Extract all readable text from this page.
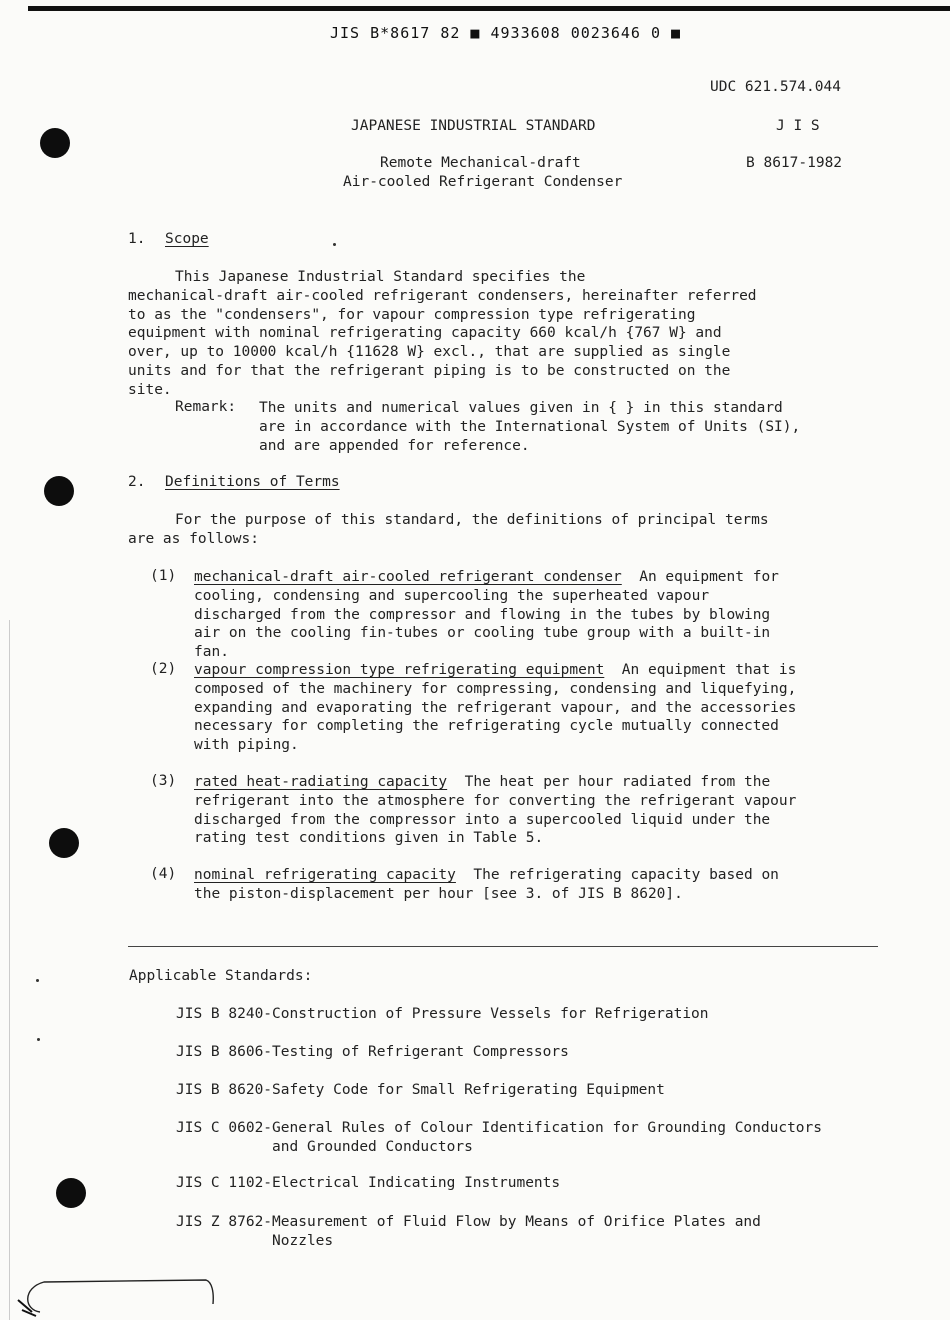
JIS B*8617 82 ■ 4933608 0023646 0 ■
UDC 621.574.044
JAPANESE INDUSTRIAL STANDARD	J I S
Remote Mechanical-draft	B 8617-1982
Air-cooled Refrigerant Condenser
1. Scope
This Japanese Industrial Standard specifies the
mechanical-draft air-cooled refrigerant condensers, hereinafter referred
to as the "condensers", for vapour compression type refrigerating
equipment with nominal refrigerating capacity 660 kcal/h {767 W} and
over, up to 10000 kcal/h {11628 W} excl., that are supplied as single
units and for that the refrigerant piping is to be constructed on the
site.
Remark: The units and numerical values given in { } in this standard
are in accordance with the International System of Units (SI),
and are appended for reference.
2. Definitions of Terms
For the purpose of this standard, the definitions of principal terms
are as follows:
(1) mechanical-draft air-cooled refrigerant condenser An equipment for
cooling, condensing and supercooling the superheated vapour
discharged from the compressor and flowing in the tubes by blowing
air on the cooling fin-tubes or cooling tube group with a built-in
fan.
(2) vapour compression type refrigerating equipment An equipment that is
composed of the machinery for compressing, condensing and liquefying,
expanding and evaporating the refrigerant vapour, and the accessories
necessary for completing the refrigerating cycle mutually connected
with piping.
(3) rated heat-radiating capacity The heat per hour radiated from the
refrigerant into the atmosphere for converting the refrigerant vapour
discharged from the compressor into a supercooled liquid under the
rating test conditions given in Table 5.
(4) nominal refrigerating capacity The refrigerating capacity based on
the piston-displacement per hour [see 3. of JIS B 8620].
Applicable Standards:
JIS B 8240-Construction of Pressure Vessels for Refrigeration
JIS B 8606-Testing of Refrigerant Compressors
JIS B 8620-Safety Code for Small Refrigerating Equipment
JIS C 0602-General Rules of Colour Identification for Grounding Conductors
and Grounded Conductors
JIS C 1102-Electrical Indicating Instruments
JIS Z 8762-Measurement of Fluid Flow by Means of Orifice Plates and
Nozzles
